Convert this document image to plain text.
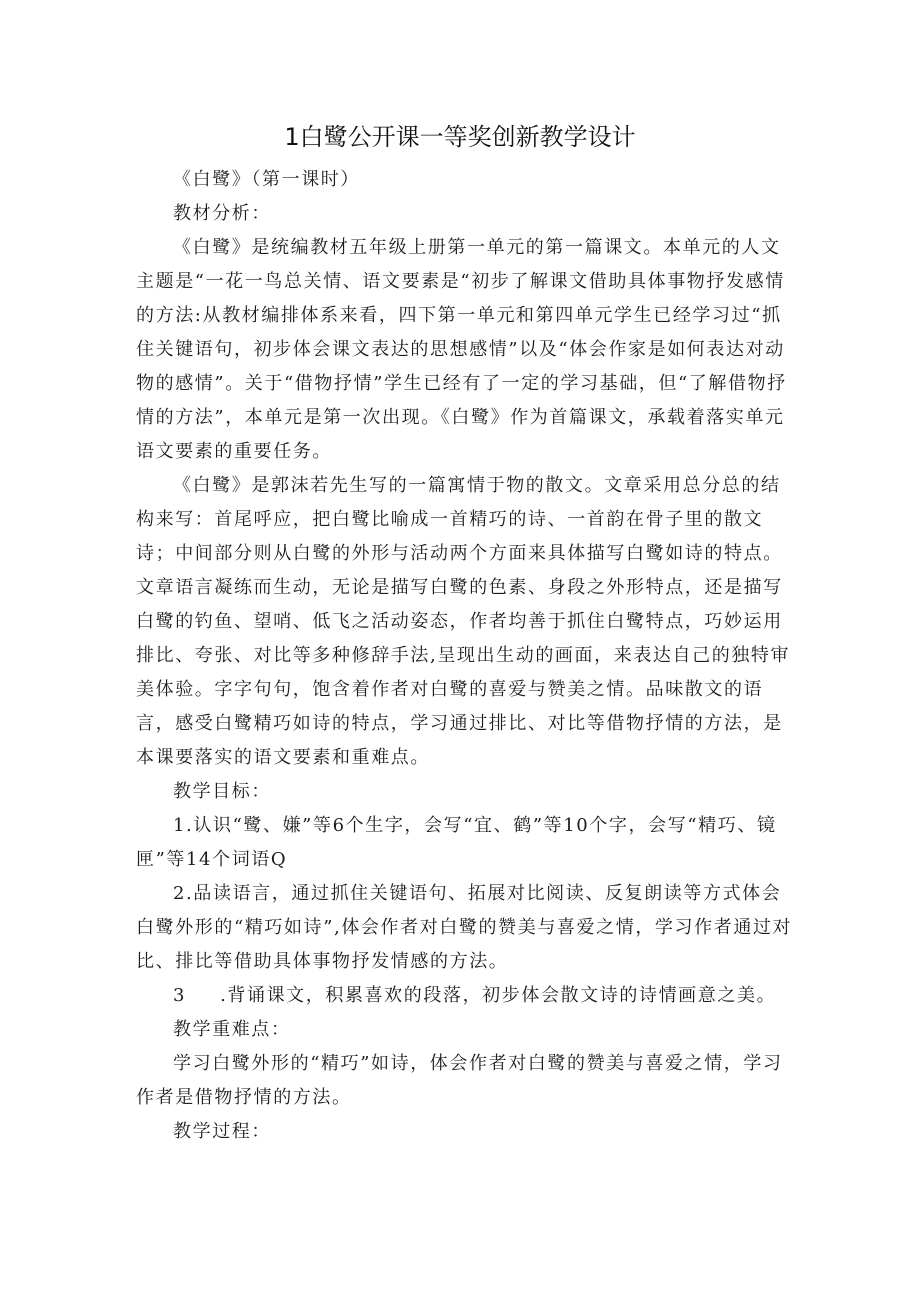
1白鹭公开课一等奖创新教学设计

《白鹭》（第一课时）

教材分析：

《白鹭》是统编教材五年级上册第一单元的第一篇课文。本单元的人文主题是“一花一鸟总关情、语文要素是“初步了解课文借助具体事物抒发感情的方法:从教材编排体系来看，四下第一单元和第四单元学生已经学习过“抓住关键语句，初步体会课文表达的思想感情”以及“体会作家是如何表达对动物的感情”。关于“借物抒情”学生已经有了一定的学习基础，但“了解借物抒情的方法”，本单元是第一次出现。《白鹭》作为首篇课文，承载着落实单元语文要素的重要任务。

《白鹭》是郭沫若先生写的一篇寓情于物的散文。文章采用总分总的结构来写：首尾呼应，把白鹭比喻成一首精巧的诗、一首韵在骨子里的散文诗；中间部分则从白鹭的外形与活动两个方面来具体描写白鹭如诗的特点。文章语言凝练而生动，无论是描写白鹭的色素、身段之外形特点，还是描写白鹭的钓鱼、望哨、低飞之活动姿态，作者均善于抓住白鹭特点，巧妙运用排比、夸张、对比等多种修辞手法,呈现出生动的画面，来表达自己的独特审美体验。字字句句，饱含着作者对白鹭的喜爱与赞美之情。品味散文的语言，感受白鹭精巧如诗的特点，学习通过排比、对比等借物抒情的方法，是本课要落实的语文要素和重难点。

教学目标：

1.认识“鹭、嫌”等6个生字，会写“宜、鹤”等10个字，会写“精巧、镜匣”等14个词语Q

2.品读语言，通过抓住关键语句、拓展对比阅读、反复朗读等方式体会白鹭外形的“精巧如诗”,体会作者对白鹭的赞美与喜爱之情，学习作者通过对比、排比等借助具体事物抒发情感的方法。

3 .背诵课文，积累喜欢的段落，初步体会散文诗的诗情画意之美。

教学重难点：

学习白鹭外形的“精巧”如诗，体会作者对白鹭的赞美与喜爱之情，学习作者是借物抒情的方法。

教学过程：
